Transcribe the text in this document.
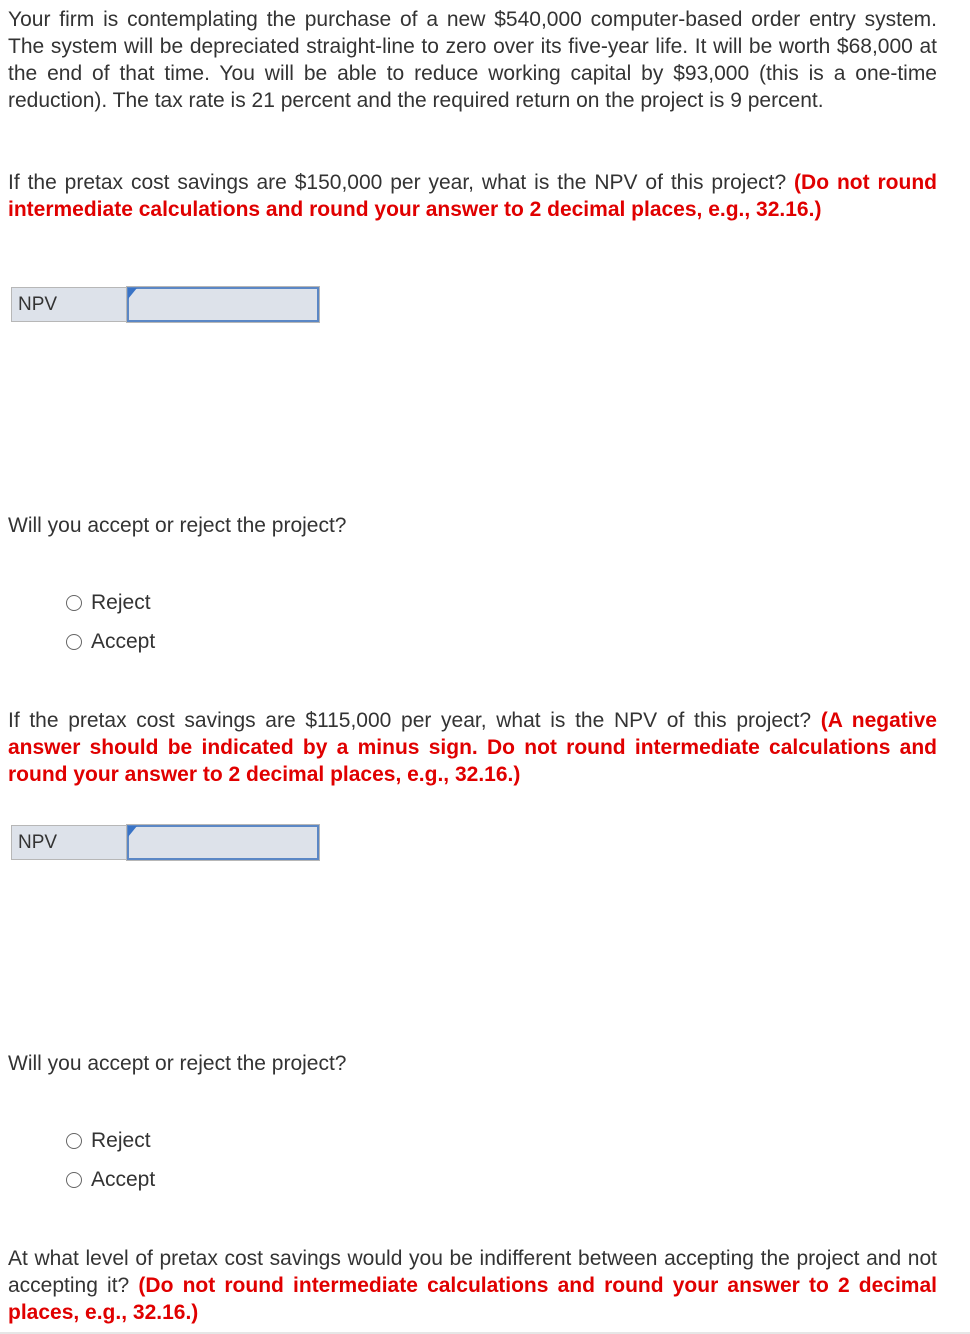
Your firm is contemplating the purchase of a new $540,000 computer-based order entry system. The system will be depreciated straight-line to zero over its five-year life. It will be worth $68,000 at the end of that time. You will be able to reduce working capital by $93,000 (this is a one-time reduction). The tax rate is 21 percent and the required return on the project is 9 percent.

If the pretax cost savings are $150,000 per year, what is the NPV of this project? (Do not round intermediate calculations and round your answer to 2 decimal places, e.g., 32.16.)

NPV

Will you accept or reject the project?

Reject
Accept

If the pretax cost savings are $115,000 per year, what is the NPV of this project? (A negative answer should be indicated by a minus sign. Do not round intermediate calculations and round your answer to 2 decimal places, e.g., 32.16.)

NPV

Will you accept or reject the project?

Reject
Accept

At what level of pretax cost savings would you be indifferent between accepting the project and not accepting it? (Do not round intermediate calculations and round your answer to 2 decimal places, e.g., 32.16.)
